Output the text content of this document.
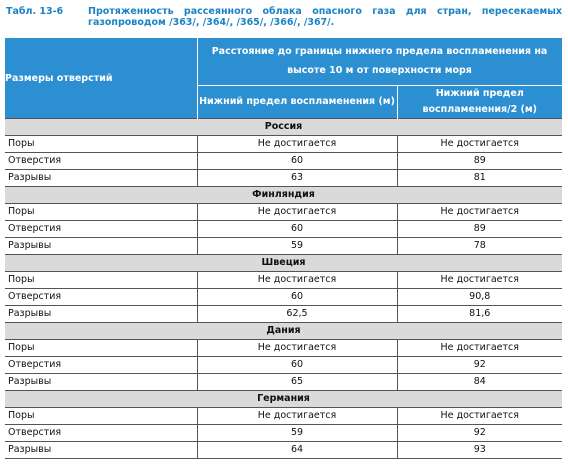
Табл. 13-6	Протяженность рассеянного облака опасного газа для стран, пересекаемых газопроводом /363/, /364/, /365/, /366/, /367/.
Размеры отверстий	Расстояние до границы нижнего предела воспламенения на высоте 10 м от поверхности моря	
	Нижний предел воспламенения (м)	Нижний предел воспламенения/2 (м)
Россия		
Поры	Не достигается	Не достигается
Отверстия	60	89
Разрывы	63	81
Финляндия		
Поры	Не достигается	Не достигается
Отверстия	60	89
Разрывы	59	78
Швеция		
Поры	Не достигается	Не достигается
Отверстия	60	90,8
Разрывы	62,5	81,6
Дания		
Поры	Не достигается	Не достигается
Отверстия	60	92
Разрывы	65	84
Германия		
Поры	Не достигается	Не достигается
Отверстия	59	92
Разрывы	64	93
